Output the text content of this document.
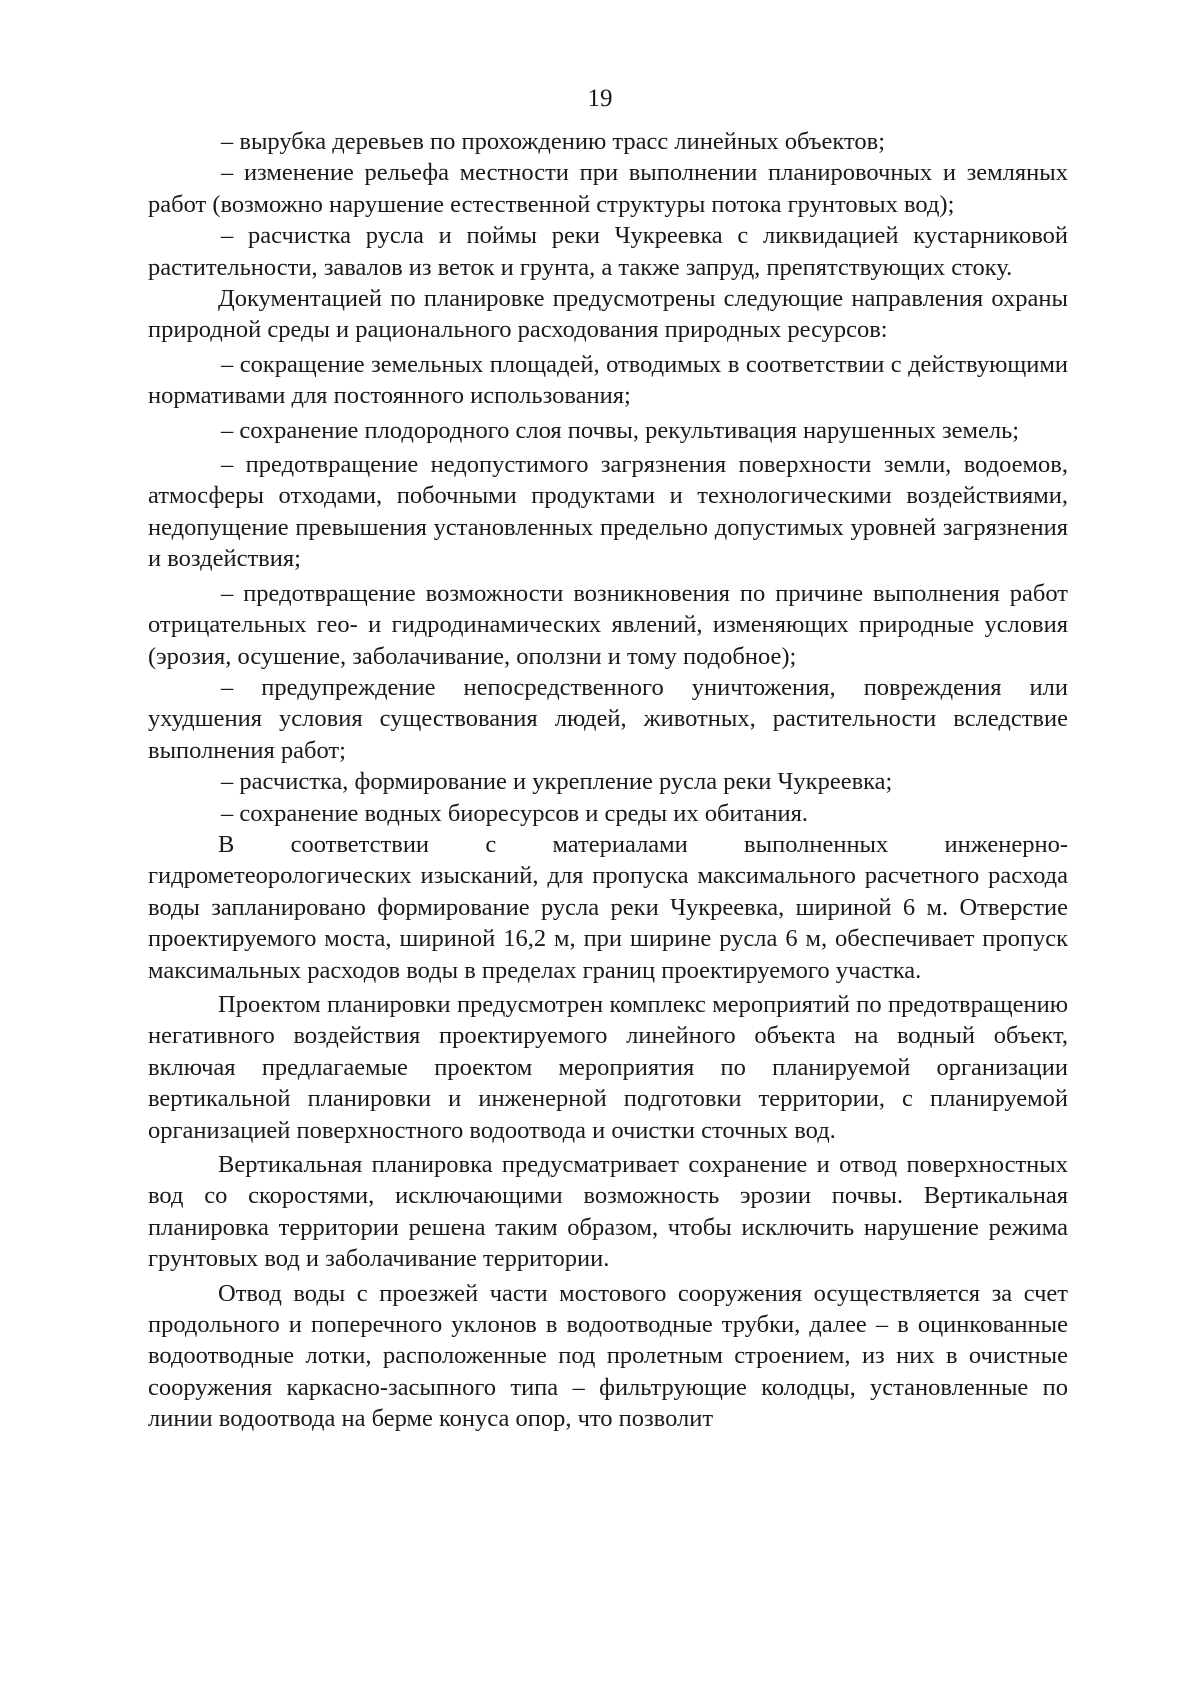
19

– вырубка деревьев по прохождению трасс линейных объектов;

– изменение рельефа местности при выполнении планировочных и земляных работ (возможно нарушение естественной структуры потока грунтовых вод);

– расчистка русла и поймы реки Чукреевка с ликвидацией кустарниковой растительности, завалов из веток и грунта, а также запруд, препятствующих стоку.

Документацией по планировке предусмотрены следующие направления охраны природной среды и рационального расходования природных ресурсов:

– сокращение земельных площадей, отводимых в соответствии с действующими нормативами для постоянного использования;

– сохранение плодородного слоя почвы, рекультивация нарушенных земель;

– предотвращение недопустимого загрязнения поверхности земли, водоемов, атмосферы отходами, побочными продуктами и технологическими воздействиями, недопущение превышения установленных предельно допустимых уровней загрязнения и воздействия;

– предотвращение возможности возникновения по причине выполнения работ отрицательных гео- и гидродинамических явлений, изменяющих природные условия (эрозия, осушение, заболачивание, оползни и тому подобное);

– предупреждение непосредственного уничтожения, повреждения или ухудшения условия существования людей, животных, растительности вследствие выполнения работ;

– расчистка, формирование и укрепление русла реки Чукреевка;

– сохранение водных биоресурсов и среды их обитания.

В соответствии с материалами выполненных инженерно-гидрометеорологических изысканий, для пропуска максимального расчетного расхода воды запланировано формирование русла реки Чукреевка, шириной 6 м. Отверстие проектируемого моста, шириной 16,2 м, при ширине русла 6 м, обеспечивает пропуск максимальных расходов воды в пределах границ проектируемого участка.

Проектом планировки предусмотрен комплекс мероприятий по предотвращению негативного воздействия проектируемого линейного объекта на водный объект, включая предлагаемые проектом мероприятия по планируемой организации вертикальной планировки и инженерной подготовки территории, с планируемой организацией поверхностного водоотвода и очистки сточных вод.

Вертикальная планировка предусматривает сохранение и отвод поверхностных вод со скоростями, исключающими возможность эрозии почвы. Вертикальная планировка территории решена таким образом, чтобы исключить нарушение режима грунтовых вод и заболачивание территории.

Отвод воды с проезжей части мостового сооружения осуществляется за счет продольного и поперечного уклонов в водоотводные трубки, далее – в оцинкованные водоотводные лотки, расположенные под пролетным строением, из них в очистные сооружения каркасно-засыпного типа – фильтрующие колодцы, установленные по линии водоотвода на берме конуса опор, что позволит
